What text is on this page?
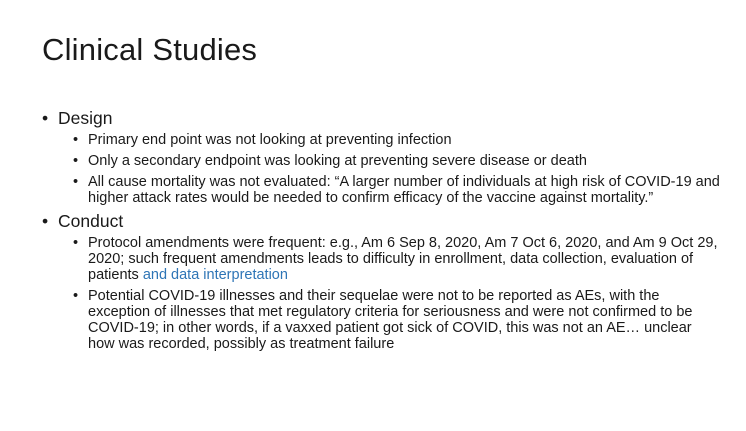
Clinical Studies

• Design

• Primary end point was not looking at preventing infection
• Only a secondary endpoint was looking at preventing severe disease or death
• All cause mortality was not evaluated: “A larger number of individuals at high risk of COVID-19 and higher attack rates would be needed to confirm efficacy of the vaccine against mortality.”

• Conduct

• Protocol amendments were frequent: e.g., Am 6 Sep 8, 2020, Am 7 Oct 6, 2020, and Am 9 Oct 29, 2020; such frequent amendments leads to difficulty in enrollment, data collection, evaluation of patients and data interpretation
• Potential COVID-19 illnesses and their sequelae were not to be reported as AEs, with the exception of illnesses that met regulatory criteria for seriousness and were not confirmed to be COVID-19; in other words, if a vaxxed patient got sick of COVID, this was not an AE… unclear how was recorded, possibly as treatment failure
